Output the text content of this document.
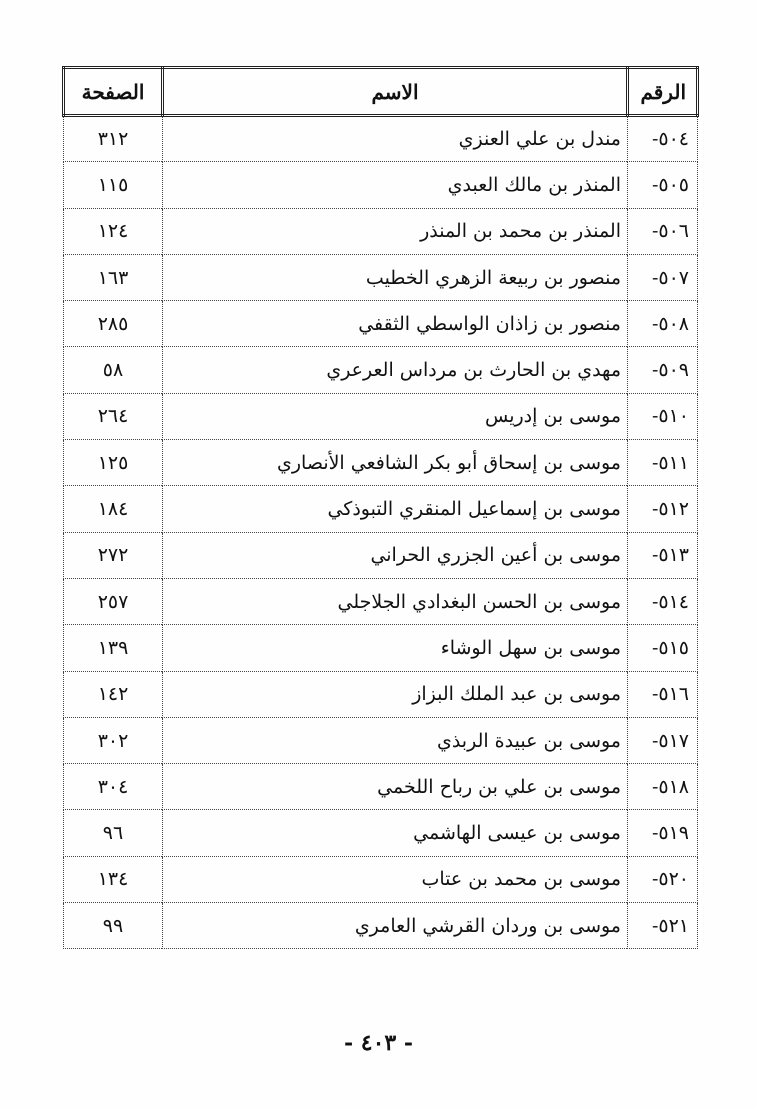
الرقم	الاسم	الصفحة
٥٠٤-	مندل بن علي العنزي	٣١٢
٥٠٥-	المنذر بن مالك العبدي	١١٥
٥٠٦-	المنذر بن محمد بن المنذر	١٢٤
٥٠٧-	منصور بن ربيعة الزهري الخطيب	١٦٣
٥٠٨-	منصور بن زاذان الواسطي الثقفي	٢٨٥
٥٠٩-	مهدي بن الحارث بن مرداس العرعري	٥٨
٥١٠-	موسى بن إدريس	٢٦٤
٥١١-	موسى بن إسحاق أبو بكر الشافعي الأنصاري	١٢٥
٥١٢-	موسى بن إسماعيل المنقري التبوذكي	١٨٤
٥١٣-	موسى بن أعين الجزري الحراني	٢٧٢
٥١٤-	موسى بن الحسن البغدادي الجلاجلي	٢٥٧
٥١٥-	موسى بن سهل الوشاء	١٣٩
٥١٦-	موسى بن عبد الملك البزاز	١٤٢
٥١٧-	موسى بن عبيدة الربذي	٣٠٢
٥١٨-	موسى بن علي بن رباح اللخمي	٣٠٤
٥١٩-	موسى بن عيسى الهاشمي	٩٦
٥٢٠-	موسى بن محمد بن عتاب	١٣٤
٥٢١-	موسى بن وردان القرشي العامري	٩٩
- ٤٠٣ -
